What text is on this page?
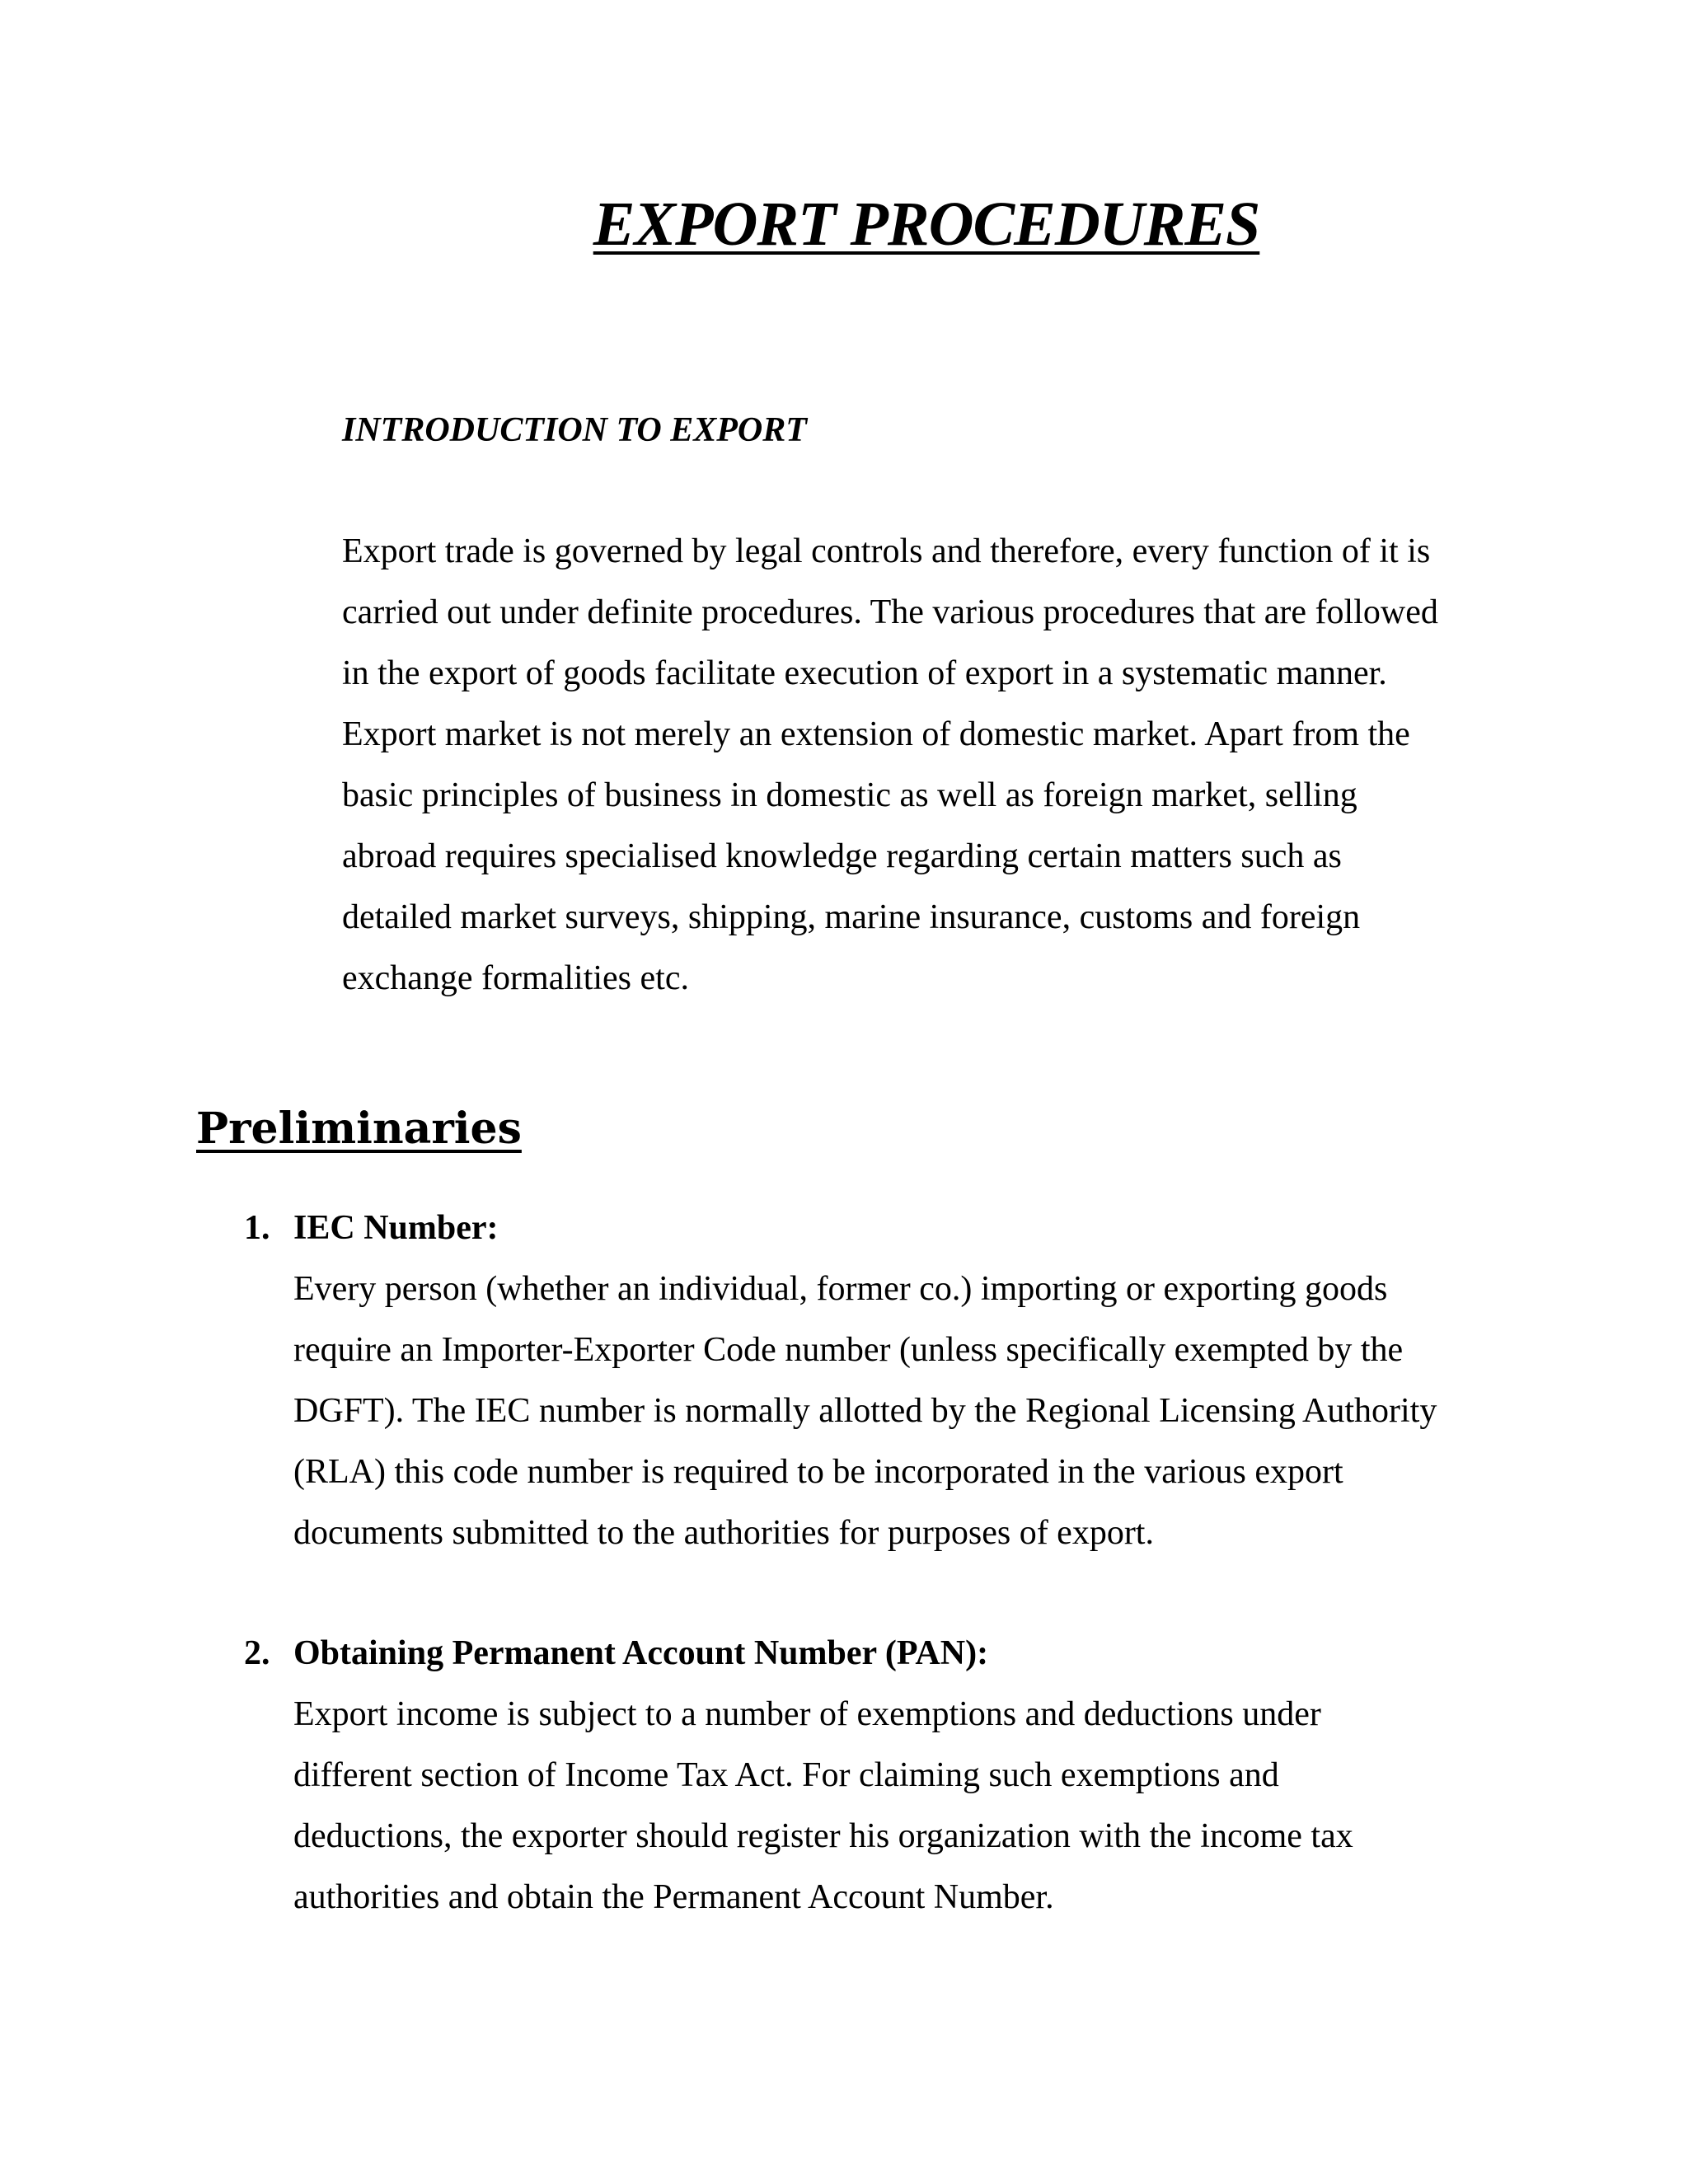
EXPORT PROCEDURES
INTRODUCTION TO EXPORT

Export trade is governed by legal controls and therefore, every function of it is
carried out under definite procedures. The various procedures that are followed
in the export of goods facilitate execution of export in a systematic manner.
Export market is not merely an extension of domestic market. Apart from the
basic principles of business in domestic as well as foreign market, selling
abroad requires specialised knowledge regarding certain matters such as
detailed market surveys, shipping, marine insurance, customs and foreign
exchange formalities etc.

Preliminaries
1. IEC Number:
Every person (whether an individual, former co.) importing or exporting goods
require an Importer-Exporter Code number (unless specifically exempted by the
DGFT). The IEC number is normally allotted by the Regional Licensing Authority
(RLA) this code number is required to be incorporated in the various export
documents submitted to the authorities for purposes of export.
2. Obtaining Permanent Account Number (PAN):
Export income is subject to a number of exemptions and deductions under
different section of Income Tax Act. For claiming such exemptions and
deductions, the exporter should register his organization with the income tax
authorities and obtain the Permanent Account Number.
